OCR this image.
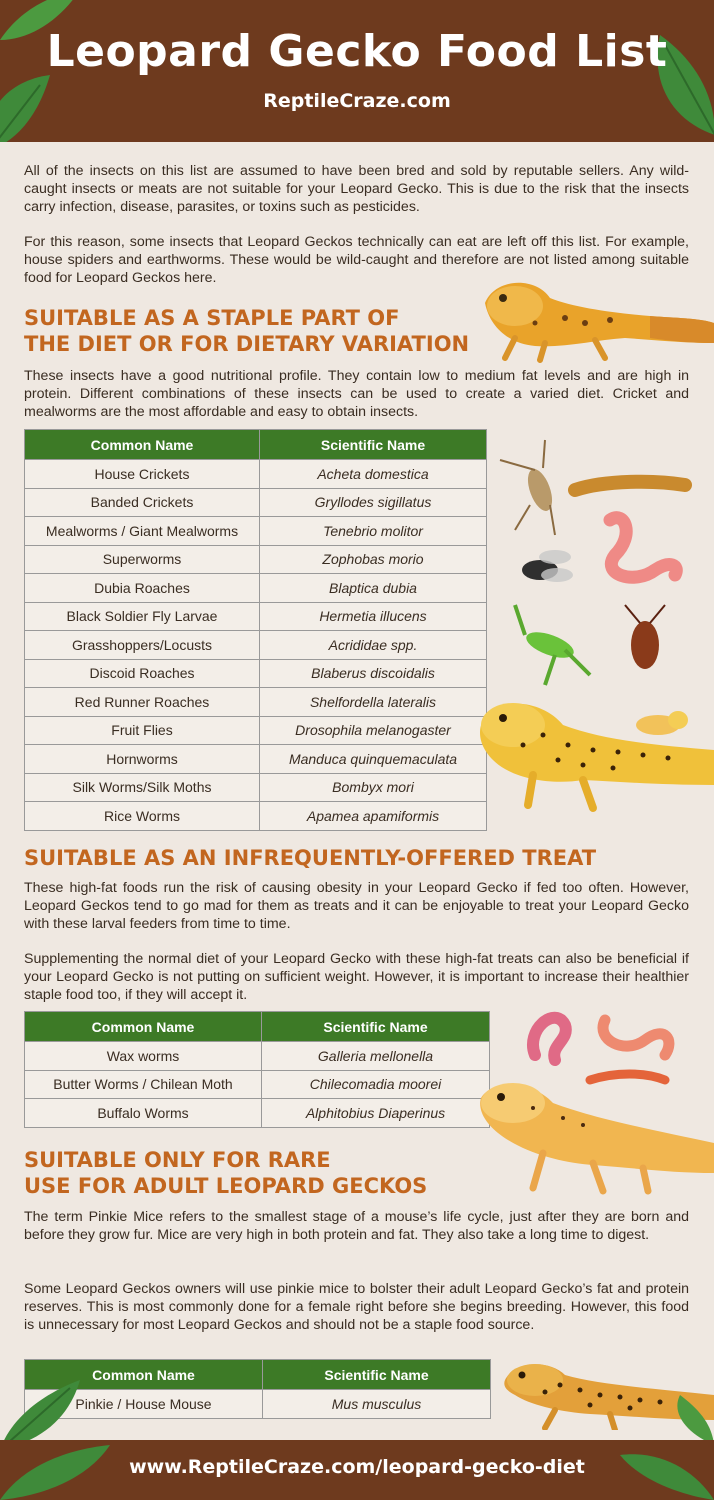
Leopard Gecko Food List
ReptileCraze.com

All of the insects on this list are assumed to have been bred and sold by reputable sellers. Any wild-caught insects or meats are not suitable for your Leopard Gecko. This is due to the risk that the insects carry infection, disease, parasites, or toxins such as pesticides.

For this reason, some insects that Leopard Geckos technically can eat are left off this list. For example, house spiders and earthworms. These would be wild-caught and therefore are not listed among suitable food for Leopard Geckos here.

SUITABLE AS A STAPLE PART OF
THE DIET OR FOR DIETARY VARIATION

These insects have a good nutritional profile. They contain low to medium fat levels and are high in protein. Different combinations of these insects can be used to create a varied diet. Cricket and mealworms are the most affordable and easy to obtain insects.

Common Name	Scientific Name
House Crickets	Acheta domestica
Banded Crickets	Gryllodes sigillatus
Mealworms / Giant Mealworms	Tenebrio molitor
Superworms	Zophobas morio
Dubia Roaches	Blaptica dubia
Black Soldier Fly Larvae	Hermetia illucens
Grasshoppers/Locusts	Acrididae spp.
Discoid Roaches	Blaberus discoidalis
Red Runner Roaches	Shelfordella lateralis
Fruit Flies	Drosophila melanogaster
Hornworms	Manduca quinquemaculata
Silk Worms/Silk Moths	Bombyx mori
Rice Worms	Apamea apamiformis
SUITABLE AS AN INFREQUENTLY-OFFERED TREAT

These high-fat foods run the risk of causing obesity in your Leopard Gecko if fed too often. However, Leopard Geckos tend to go mad for them as treats and it can be enjoyable to treat your Leopard Gecko with these larval feeders from time to time.

Supplementing the normal diet of your Leopard Gecko with these high-fat treats can also be beneficial if your Leopard Gecko is not putting on sufficient weight. However, it is important to increase their healthier staple food too, if they will accept it.

Common Name	Scientific Name
Wax worms	Galleria mellonella
Butter Worms / Chilean Moth	Chilecomadia moorei
Buffalo Worms	Alphitobius Diaperinus
SUITABLE ONLY FOR RARE
USE FOR ADULT LEOPARD GECKOS

The term Pinkie Mice refers to the smallest stage of a mouse’s life cycle, just after they are born and before they grow fur. Mice are very high in both protein and fat. They also take a long time to digest.

Some Leopard Geckos owners will use pinkie mice to bolster their adult Leopard Gecko’s fat and protein reserves. This is most commonly done for a female right before she begins breeding. However, this food is unnecessary for most Leopard Geckos and should not be a staple food source.

Common Name	Scientific Name
Pinkie / House Mouse	Mus musculus
www.ReptileCraze.com/leopard-gecko-diet
